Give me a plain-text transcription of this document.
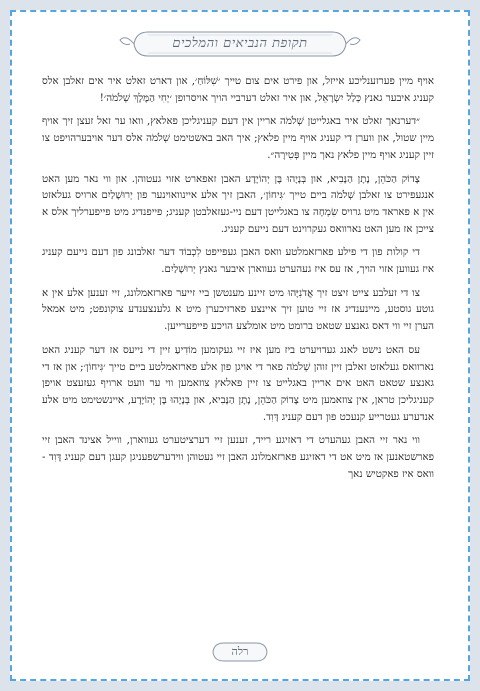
תקופת הנביאים והמלכים

אויף מיין פערזענליכע אייזל, און פירט אים צום טייך ׳שִׁלּוֹחַ׳, און דארט זאלט איר אים זאלבן אלס קעניג איבער גאנץ כְּלַל יִשְׂרָאֵל, און איר זאלט דערביי הויך אויסרופן ׳יְחִי הַמֶּלֶךְ שְׁלֹמֹה׳!

״דערנאך זאלט איר באגלייטן שְׁלֹמֹה אריין אין דעם קעניגליכן פאלאץ, וואו ער זאל זעצן זיך אויף מיין שטול, און ווערן די קעניג אויף מיין פלאץ; איך האב באשטימט שְׁלֹמֹה אלס דער אויבערהויפט צו זיין קעניג אויף מיין פלאץ נאך מיין פְּטִירָה״.

צָדוֹק הַכֹּהֵן, נָתָן הַנָּבִיא, און בְּנָיָהוּ בֶּן יְהוֹיָדָע האבן זאפארט אזוי געטוהן. און ווי נאר מען האט אנגעפירט צו זאלבן שְׁלֹמֹה ביים טייך ׳גִּיחוֹן׳, האבן זיך אלע איינוואוינער פון יְרוּשָׁלַיִם ארויס געלאזט אין א פאראד מיט גרויס שִׂמְחָה צו באגלייטן דעם ניי-געזאלבטן קעניג; פייפנדיג מיט פייפערליך אלס א צייכן אז מען האט נארוואס געקרוינט דעם נייעם קעניג.

די קולות פון די פילע פארזאמלטע וואס האבן געפייפט לִכְבוֹד דער זאלבונג פון דעם נייעם קעניג איז געווען אזוי הויך, אז עס איז געהערט געווארן איבער גאנץ יְרוּשָׁלַיִם.

צו די זעלבע צייט זיצט זיך אֲדֹנִיָּהוּ מיט זיינע מענטשן ביי זייער פארזאמלונג, זיי זענען אלע אין א גוטע גוסטע, מיינענדיג אז זיי טוען זיך איינצע פארזיכערן מיט א גלענצענדע צוקונפט; מיט אמאל הערן זיי ווי דאס גאנצע שטאט ברומט מיט אומלצע הויכע פייפערייען.

עס האט נישט לאנג געדויערט ביז מען איז זיי געקומען מוֹדִיעַ זיין די נייעס אז דער קעניג האט נארוואס געלאזט זאלבן זיין זוהן שְׁלֹמֹה פאר די אויגן פון אלע פארזאמלטע ביים טייך ׳גִּיחוֹן׳; און אז די גאנצע שטאט האט אים אריין באגלייט צו זיין פאלאץ צוזאמען ווי ער וועט ארויף געזעצט אויפן קעניגליכן טראן, אין צוזאמען מיט צָדוֹק הַכֹּהֵן, נָתָן הַנָּבִיא, און בְּנָיָהוּ בֶּן יְהוֹיָדָע, איינשטימט מיט אלע אנדערע געטרייע קנעכט פון דעם קעניג דָּוִד.

ווי נאר זיי האבן געהערט די דאזיגע רייד, זענען זיי דערציטערט געווארן, ווייל אצינד האבן זיי פארשטאנען אז מיט אט די דאזיגע פארזאמלונג האבן זיי געטוהן ווידערשפעניגן קעגן דעם קעניג דָּוִד - וואס איז פאקטיש נאך

רלה
